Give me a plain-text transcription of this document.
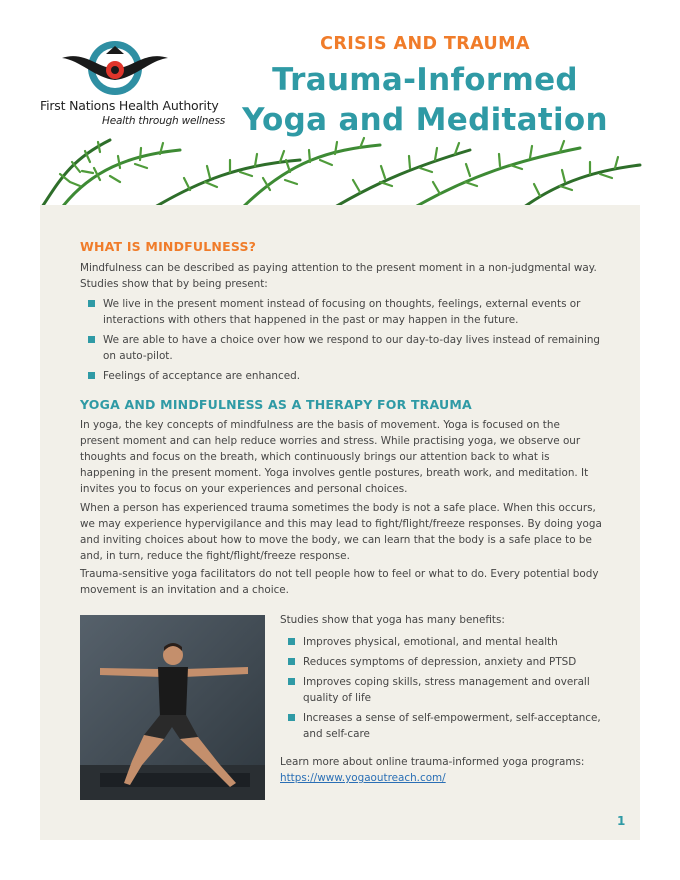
First Nations Health Authority
Health through wellness
CRISIS AND TRAUMA
Trauma-Informed
Yoga and Meditation
WHAT IS MINDFULNESS?
Mindfulness can be described as paying attention to the present moment in a non-judgmental way. Studies show that by being present:
We live in the present moment instead of focusing on thoughts, feelings, external events or interactions with others that happened in the past or may happen in the future.
We are able to have a choice over how we respond to our day-to-day lives instead of remaining on auto-pilot.
Feelings of acceptance are enhanced.
YOGA AND MINDFULNESS AS A THERAPY FOR TRAUMA
In yoga, the key concepts of mindfulness are the basis of movement. Yoga is focused on the present moment and can help reduce worries and stress. While practising yoga, we observe our thoughts and focus on the breath, which continuously brings our attention back to what is happening in the present moment. Yoga involves gentle postures, breath work, and meditation. It invites you to focus on your experiences and personal choices.
When a person has experienced trauma sometimes the body is not a safe place. When this occurs, we may experience hypervigilance and this may lead to fight/flight/freeze responses. By doing yoga and inviting choices about how to move the body, we can learn that the body is a safe place to be and, in turn, reduce the fight/flight/freeze response.
Trauma-sensitive yoga facilitators do not tell people how to feel or what to do. Every potential body movement is an invitation and a choice.
Studies show that yoga has many benefits:
Improves physical, emotional, and mental health
Reduces symptoms of depression, anxiety and PTSD
Improves coping skills, stress management and overall quality of life
Increases a sense of self-empowerment, self-acceptance, and self-care
Learn more about online trauma-informed yoga programs:
https://www.yogaoutreach.com/
1
